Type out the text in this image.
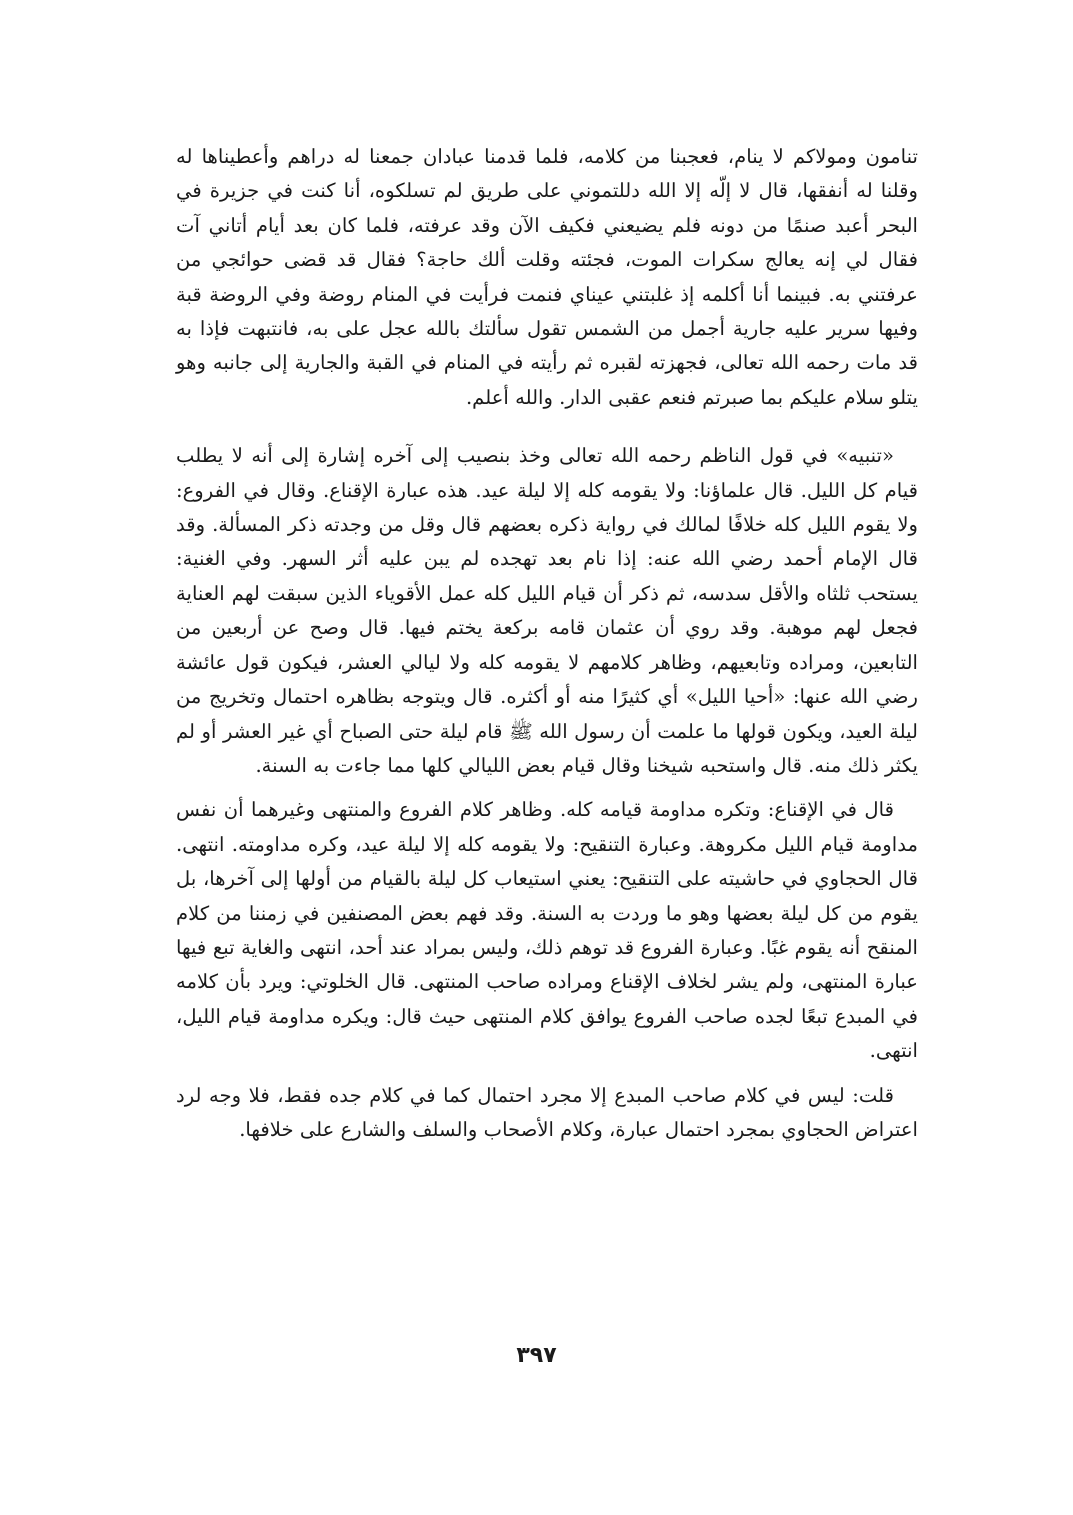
تنامون ومولاكم لا ينام، فعجبنا من كلامه، فلما قدمنا عبادان جمعنا له دراهم وأعطيناها له وقلنا له أنفقها، قال لا إلّه إلا الله دللتموني على طريق لم تسلكوه، أنا كنت في جزيرة في البحر أعبد صنمًا من دونه فلم يضيعني فكيف الآن وقد عرفته، فلما كان بعد أيام أتاني آت فقال لي إنه يعالج سكرات الموت، فجئته وقلت ألك حاجة؟ فقال قد قضى حوائجي من عرفتني به. فبينما أنا أكلمه إذ غلبتني عيناي فنمت فرأيت في المنام روضة وفي الروضة قبة وفيها سرير عليه جارية أجمل من الشمس تقول سألتك بالله عجل على به، فانتبهت فإذا به قد مات رحمه الله تعالى، فجهزته لقبره ثم رأيته في المنام في القبة والجارية إلى جانبه وهو يتلو سلام عليكم بما صبرتم فنعم عقبى الدار. والله أعلم.

«تنبيه» في قول الناظم رحمه الله تعالى وخذ بنصيب إلى آخره إشارة إلى أنه لا يطلب قيام كل الليل. قال علماؤنا: ولا يقومه كله إلا ليلة عيد. هذه عبارة الإقناع. وقال في الفروع: ولا يقوم الليل كله خلافًا لمالك في رواية ذكره بعضهم قال وقل من وجدته ذكر المسألة. وقد قال الإمام أحمد رضي الله عنه: إذا نام بعد تهجده لم يبن عليه أثر السهر. وفي الغنية: يستحب ثلثاه والأقل سدسه، ثم ذكر أن قيام الليل كله عمل الأقوياء الذين سبقت لهم العناية فجعل لهم موهبة. وقد روي أن عثمان قامه بركعة يختم فيها. قال وصح عن أربعين من التابعين، ومراده وتابعيهم، وظاهر كلامهم لا يقومه كله ولا ليالي العشر، فيكون قول عائشة رضي الله عنها: «أحيا الليل» أي كثيرًا منه أو أكثره. قال ويتوجه بظاهره احتمال وتخريج من ليلة العيد، ويكون قولها ما علمت أن رسول الله ﷺ قام ليلة حتى الصباح أي غير العشر أو لم يكثر ذلك منه. قال واستحبه شيخنا وقال قيام بعض الليالي كلها مما جاءت به السنة.

قال في الإقناع: وتكره مداومة قيامه كله. وظاهر كلام الفروع والمنتهى وغيرهما أن نفس مداومة قيام الليل مكروهة. وعبارة التنقيح: ولا يقومه كله إلا ليلة عيد، وكره مداومته. انتهى. قال الحجاوي في حاشيته على التنقيح: يعني استيعاب كل ليلة بالقيام من أولها إلى آخرها، بل يقوم من كل ليلة بعضها وهو ما وردت به السنة. وقد فهم بعض المصنفين في زمننا من كلام المنقح أنه يقوم غبًا. وعبارة الفروع قد توهم ذلك، وليس بمراد عند أحد، انتهى والغاية تبع فيها عبارة المنتهى، ولم يشر لخلاف الإقناع ومراده صاحب المنتهى. قال الخلوتي: ويرد بأن كلامه في المبدع تبعًا لجده صاحب الفروع يوافق كلام المنتهى حيث قال: ويكره مداومة قيام الليل، انتهى.

قلت: ليس في كلام صاحب المبدع إلا مجرد احتمال كما في كلام جده فقط، فلا وجه لرد اعتراض الحجاوي بمجرد احتمال عبارة، وكلام الأصحاب والسلف والشارع على خلافها.

٣٩٧
